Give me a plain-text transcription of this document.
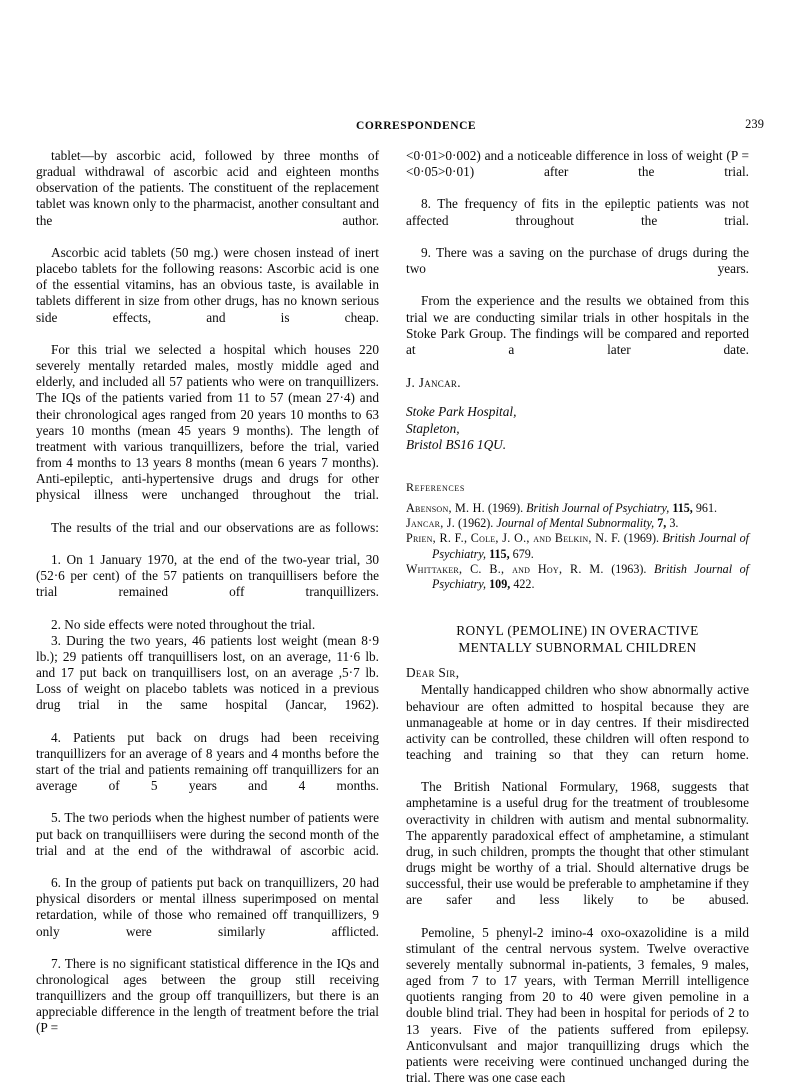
CORRESPONDENCE	239

tablet—by ascorbic acid, followed by three months of gradual withdrawal of ascorbic acid and eighteen months observation of the patients. The constituent of the replacement tablet was known only to the pharmacist, another consultant and the author.

Ascorbic acid tablets (50 mg.) were chosen instead of inert placebo tablets for the following reasons: Ascorbic acid is one of the essential vitamins, has an obvious taste, is available in tablets different in size from other drugs, has no known serious side effects, and is cheap.

For this trial we selected a hospital which houses 220 severely mentally retarded males, mostly middle aged and elderly, and included all 57 patients who were on tranquillizers. The IQs of the patients varied from 11 to 57 (mean 27·4) and their chronological ages ranged from 20 years 10 months to 63 years 10 months (mean 45 years 9 months). The length of treatment with various tranquillizers, before the trial, varied from 4 months to 13 years 8 months (mean 6 years 7 months). Anti-epileptic, anti-hypertensive drugs and drugs for other physical illness were unchanged throughout the trial.

The results of the trial and our observations are as follows:

1. On 1 January 1970, at the end of the two-year trial, 30 (52·6 per cent) of the 57 patients on tranquillisers before the trial remained off tranquillizers.

2. No side effects were noted throughout the trial.

3. During the two years, 46 patients lost weight (mean 8·9 lb.); 29 patients off tranquillisers lost, on an average, 11·6 lb. and 17 put back on tranquillisers lost, on an average ,5·7 lb. Loss of weight on placebo tablets was noticed in a previous drug trial in the same hospital (Jancar, 1962).

4. Patients put back on drugs had been receiving tranquillizers for an average of 8 years and 4 months before the start of the trial and patients remaining off tranquillizers for an average of 5 years and 4 months.

5. The two periods when the highest number of patients were put back on tranquilliisers were during the second month of the trial and at the end of the withdrawal of ascorbic acid.

6. In the group of patients put back on tranquillizers, 20 had physical disorders or mental illness superimposed on mental retardation, while of those who remained off tranquillizers, 9 only were similarly afflicted.

7. There is no significant statistical difference in the IQs and chronological ages between the group still receiving tranquillizers and the group off tranquillizers, but there is an appreciable difference in the length of treatment before the trial (P =

<0·01>0·002) and a noticeable difference in loss of weight (P = <0·05>0·01) after the trial.

8. The frequency of fits in the epileptic patients was not affected throughout the trial.

9. There was a saving on the purchase of drugs during the two years.

From the experience and the results we obtained from this trial we are conducting similar trials in other hospitals in the Stoke Park Group. The findings will be compared and reported at a later date.

J. Jancar.

Stoke Park Hospital,
Stapleton,
Bristol BS16 1QU.

References

Abenson, M. H. (1969). British Journal of Psychiatry, 115, 961.

Jancar, J. (1962). Journal of Mental Subnormality, 7, 3.

Prien, R. F., Cole, J. O., and Belkin, N. F. (1969). British Journal of Psychiatry, 115, 679.

Whittaker, C. B., and Hoy, R. M. (1963). British Journal of Psychiatry, 109, 422.

RONYL (PEMOLINE) IN OVERACTIVE
MENTALLY SUBNORMAL CHILDREN

Dear Sir,

Mentally handicapped children who show abnormally active behaviour are often admitted to hospital because they are unmanageable at home or in day centres. If their misdirected activity can be controlled, these children will often respond to teaching and training so that they can return home.

The British National Formulary, 1968, suggests that amphetamine is a useful drug for the treatment of troublesome overactivity in children with autism and mental subnormality. The apparently paradoxical effect of amphetamine, a stimulant drug, in such children, prompts the thought that other stimulant drugs might be worthy of a trial. Should alternative drugs be successful, their use would be preferable to amphetamine if they are safer and less likely to be abused.

Pemoline, 5 phenyl-2 imino-4 oxo-oxazolidine is a mild stimulant of the central nervous system. Twelve overactive severely mentally subnormal in-patients, 3 females, 9 males, aged from 7 to 17 years, with Terman Merrill intelligence quotients ranging from 20 to 40 were given pemoline in a double blind trial. They had been in hospital for periods of 2 to 13 years. Five of the patients suffered from epilepsy. Anticonvulsant and major tranquillizing drugs which the patients were receiving were continued unchanged during the trial. There was one case each
